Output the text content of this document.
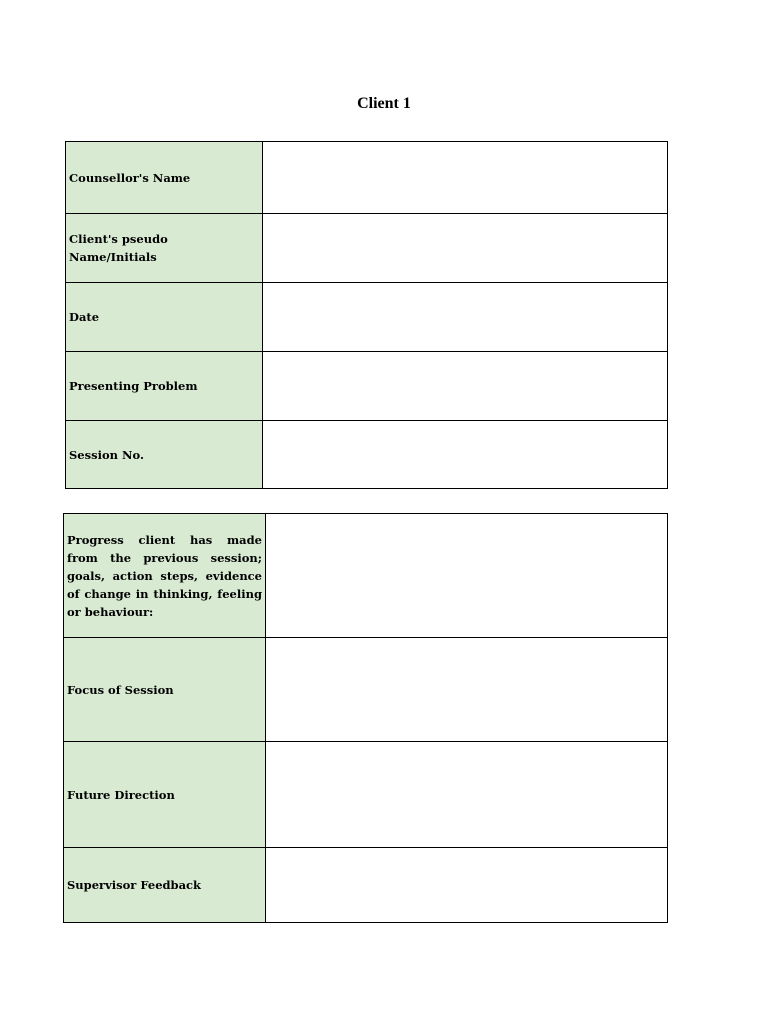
Client 1
Counsellor's Name	
Client's pseudo Name/Initials	
Date	
Presenting Problem	
Session No.	
Progress client has made from the previous session; goals, action steps, evidence of change in thinking, feeling or behaviour:	
Focus of Session	
Future Direction	
Supervisor Feedback	
